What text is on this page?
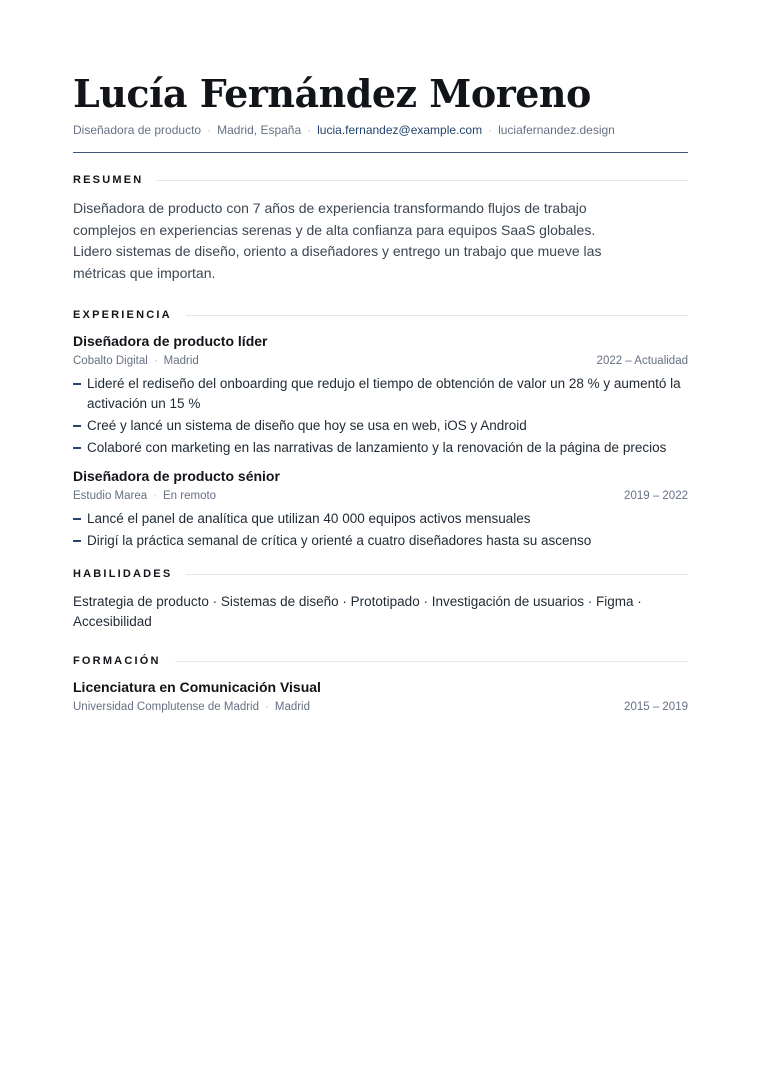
Lucía Fernández Moreno
Diseñadora de producto · Madrid, España · lucia.fernandez@example.com · luciafernandez.design
RESUMEN
Diseñadora de producto con 7 años de experiencia transformando flujos de trabajo complejos en experiencias serenas y de alta confianza para equipos SaaS globales. Lidero sistemas de diseño, oriento a diseñadores y entrego un trabajo que mueve las métricas que importan.
EXPERIENCIA
Diseñadora de producto líder
Cobalto Digital · Madrid	2022 – Actualidad
Lideré el rediseño del onboarding que redujo el tiempo de obtención de valor un 28 % y aumentó la activación un 15 %
Creé y lancé un sistema de diseño que hoy se usa en web, iOS y Android
Colaboré con marketing en las narrativas de lanzamiento y la renovación de la página de precios
Diseñadora de producto sénior
Estudio Marea · En remoto	2019 – 2022
Lancé el panel de analítica que utilizan 40 000 equipos activos mensuales
Dirigí la práctica semanal de crítica y orienté a cuatro diseñadores hasta su ascenso
HABILIDADES
Estrategia de producto · Sistemas de diseño · Prototipado · Investigación de usuarios · Figma · Accesibilidad
FORMACIÓN
Licenciatura en Comunicación Visual
Universidad Complutense de Madrid · Madrid	2015 – 2019
